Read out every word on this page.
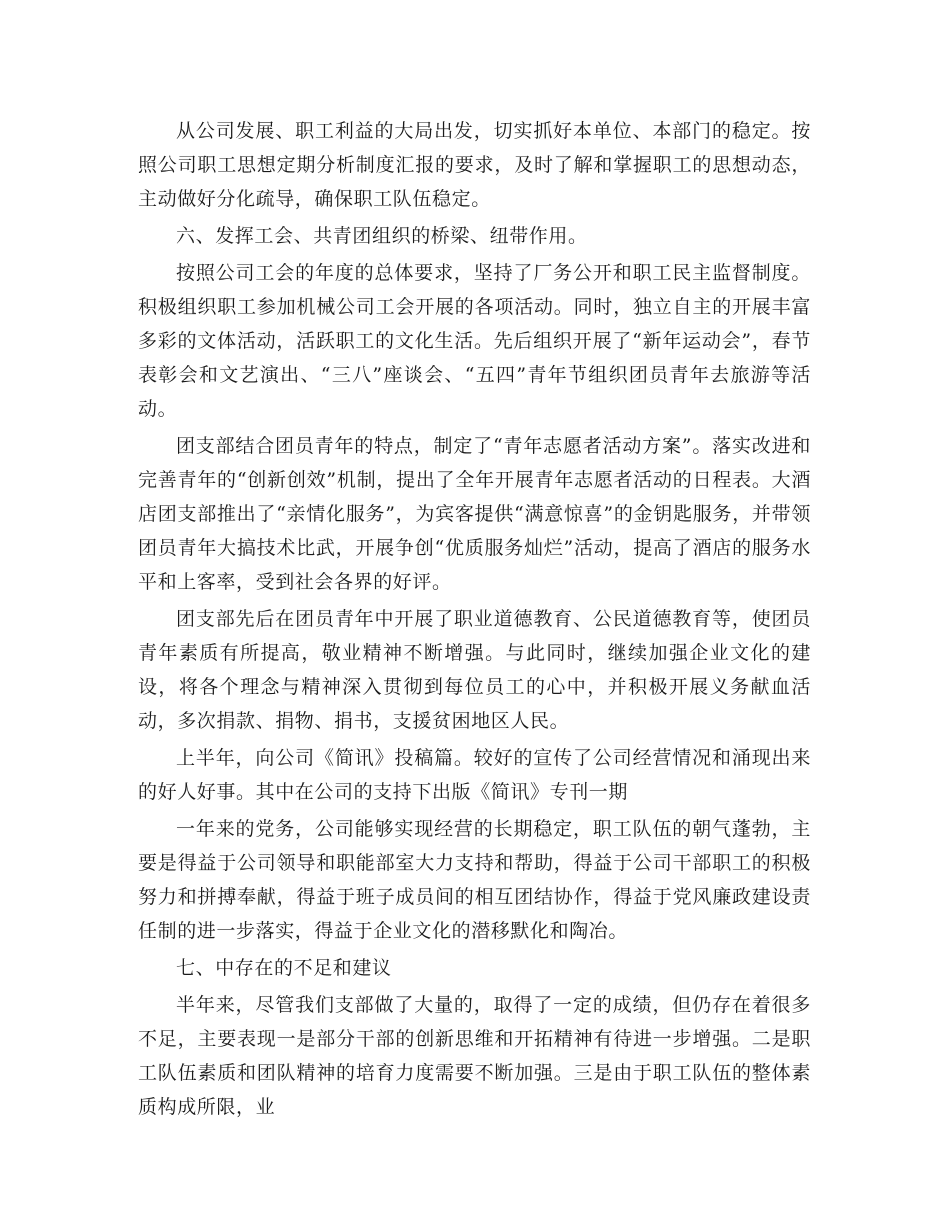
从公司发展、职工利益的大局出发，切实抓好本单位、本部门的稳定。按照公司职工思想定期分析制度汇报的要求，及时了解和掌握职工的思想动态，主动做好分化疏导，确保职工队伍稳定。

六、发挥工会、共青团组织的桥梁、纽带作用。

按照公司工会的年度的总体要求，坚持了厂务公开和职工民主监督制度。积极组织职工参加机械公司工会开展的各项活动。同时，独立自主的开展丰富多彩的文体活动，活跃职工的文化生活。先后组织开展了“新年运动会”，春节表彰会和文艺演出、“三八”座谈会、“五四”青年节组织团员青年去旅游等活动。

团支部结合团员青年的特点，制定了“青年志愿者活动方案”。落实改进和完善青年的“创新创效”机制，提出了全年开展青年志愿者活动的日程表。大酒店团支部推出了“亲情化服务”，为宾客提供“满意惊喜”的金钥匙服务，并带领团员青年大搞技术比武，开展争创“优质服务灿烂”活动，提高了酒店的服务水平和上客率，受到社会各界的好评。

团支部先后在团员青年中开展了职业道德教育、公民道德教育等，使团员青年素质有所提高，敬业精神不断增强。与此同时，继续加强企业文化的建设，将各个理念与精神深入贯彻到每位员工的心中，并积极开展义务献血活动，多次捐款、捐物、捐书，支援贫困地区人民。

上半年，向公司《简讯》投稿篇。较好的宣传了公司经营情况和涌现出来的好人好事。其中在公司的支持下出版《简讯》专刊一期

一年来的党务，公司能够实现经营的长期稳定，职工队伍的朝气蓬勃，主要是得益于公司领导和职能部室大力支持和帮助，得益于公司干部职工的积极努力和拼搏奉献，得益于班子成员间的相互团结协作，得益于党风廉政建设责任制的进一步落实，得益于企业文化的潜移默化和陶冶。

七、中存在的不足和建议

半年来，尽管我们支部做了大量的，取得了一定的成绩，但仍存在着很多不足，主要表现一是部分干部的创新思维和开拓精神有待进一步增强。二是职工队伍素质和团队精神的培育力度需要不断加强。三是由于职工队伍的整体素质构成所限，业
